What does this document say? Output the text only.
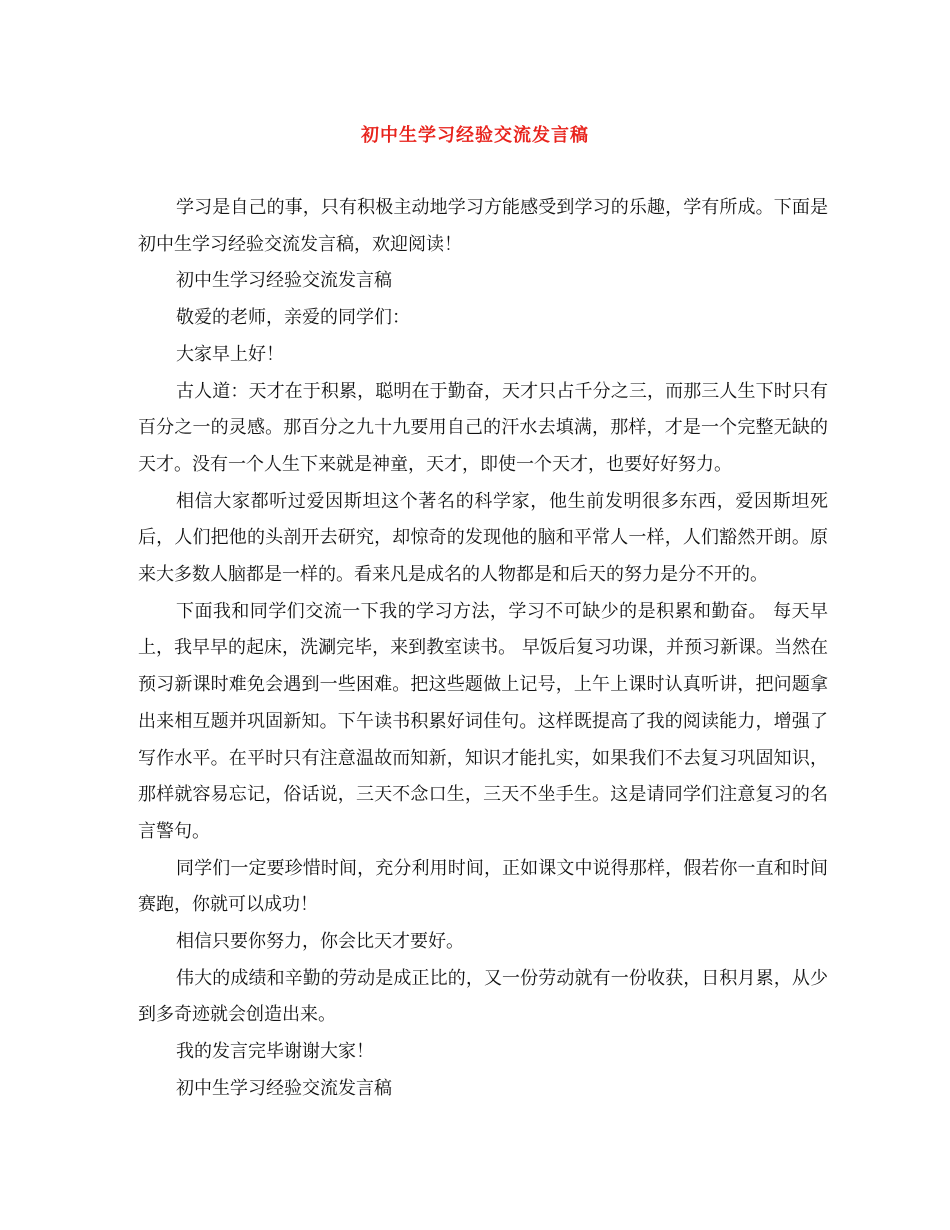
初中生学习经验交流发言稿

学习是自己的事，只有积极主动地学习方能感受到学习的乐趣，学有所成。下面是初中生学习经验交流发言稿，欢迎阅读！

初中生学习经验交流发言稿

敬爱的老师，亲爱的同学们：

大家早上好！

古人道：天才在于积累，聪明在于勤奋，天才只占千分之三，而那三人生下时只有百分之一的灵感。那百分之九十九要用自己的汗水去填满，那样，才是一个完整无缺的天才。没有一个人生下来就是神童，天才，即使一个天才，也要好好努力。

相信大家都听过爱因斯坦这个著名的科学家，他生前发明很多东西，爱因斯坦死后，人们把他的头剖开去研究，却惊奇的发现他的脑和平常人一样，人们豁然开朗。原来大多数人脑都是一样的。看来凡是成名的人物都是和后天的努力是分不开的。

下面我和同学们交流一下我的学习方法，学习不可缺少的是积累和勤奋。 每天早上，我早早的起床，洗涮完毕，来到教室读书。 早饭后复习功课，并预习新课。当然在预习新课时难免会遇到一些困难。把这些题做上记号，上午上课时认真听讲，把问题拿出来相互题并巩固新知。下午读书积累好词佳句。这样既提高了我的阅读能力，增强了写作水平。在平时只有注意温故而知新，知识才能扎实，如果我们不去复习巩固知识，那样就容易忘记，俗话说，三天不念口生，三天不坐手生。这是请同学们注意复习的名言警句。

同学们一定要珍惜时间，充分利用时间，正如课文中说得那样，假若你一直和时间赛跑，你就可以成功！

相信只要你努力，你会比天才要好。

伟大的成绩和辛勤的劳动是成正比的，又一份劳动就有一份收获，日积月累，从少到多奇迹就会创造出来。

我的发言完毕谢谢大家！

初中生学习经验交流发言稿
